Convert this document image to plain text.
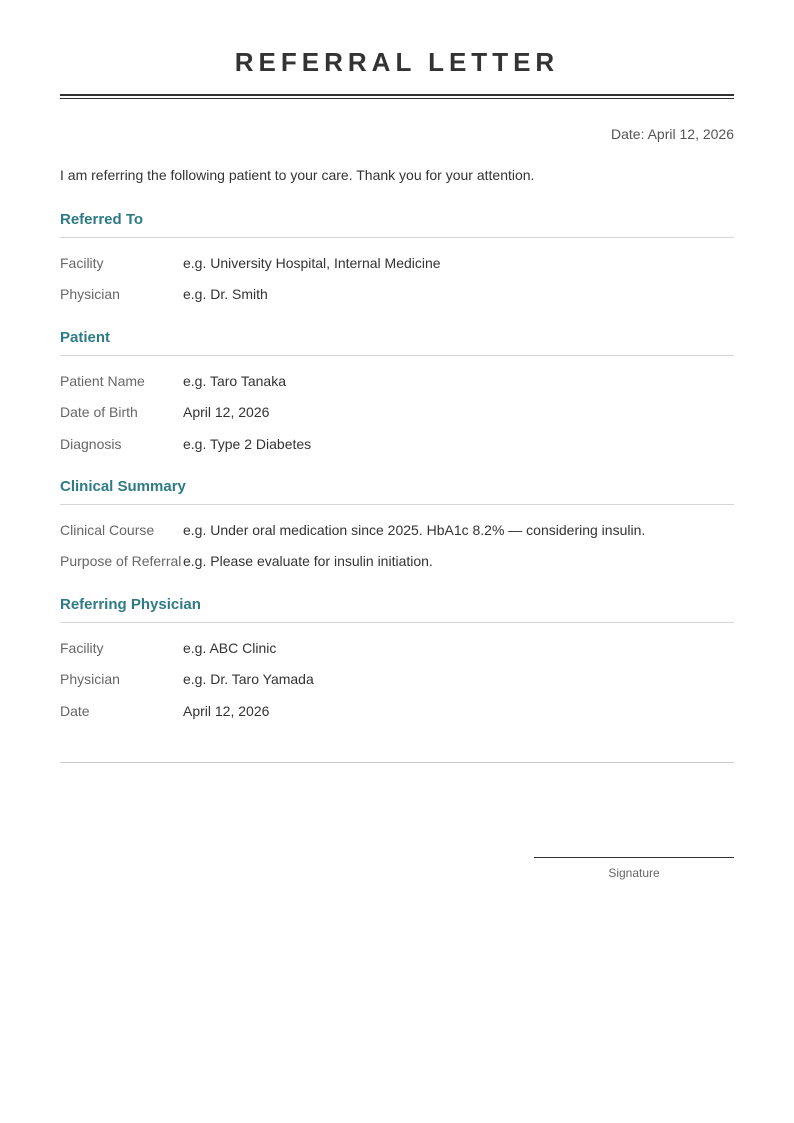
REFERRAL LETTER
Date: April 12, 2026
I am referring the following patient to your care. Thank you for your attention.
Referred To
Facility	e.g. University Hospital, Internal Medicine
Physician	e.g. Dr. Smith
Patient
Patient Name	e.g. Taro Tanaka
Date of Birth	April 12, 2026
Diagnosis	e.g. Type 2 Diabetes
Clinical Summary
Clinical Course e.g. Under oral medication since 2025. HbA1c 8.2% — considering insulin.
Purpose of Referral e.g. Please evaluate for insulin initiation.
Referring Physician
Facility	e.g. ABC Clinic
Physician	e.g. Dr. Taro Yamada
Date	April 12, 2026
Signature
